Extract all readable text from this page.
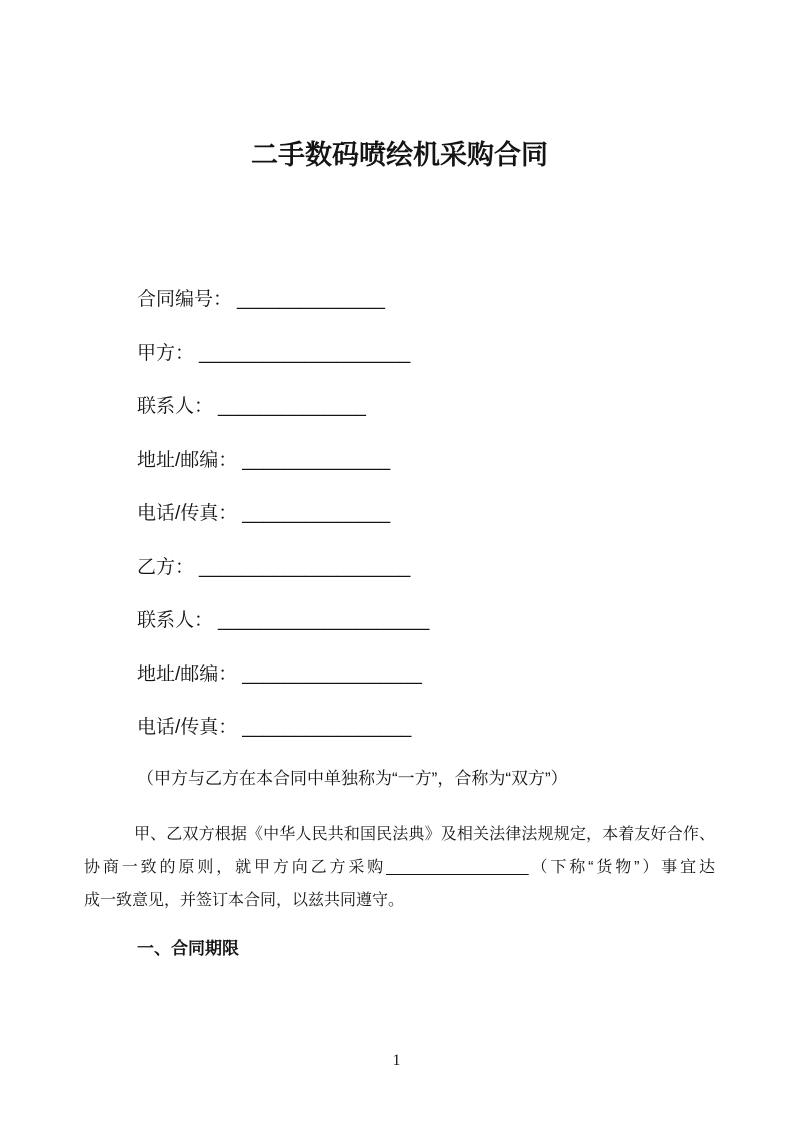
二手数码喷绘机采购合同
合同编号： ______________
甲方： ____________________
联系人： ______________
地址/邮编： ______________
电话/传真： ______________
乙方： ____________________
联系人： ____________________
地址/邮编： _________________
电话/传真： ________________

（甲方与乙方在本合同中单独称为“一方”，合称为“双方”）

甲、乙双方根据《中华人民共和国民法典》及相关法律法规规定，本着友好合作、
协商一致的原则，就甲方向乙方采购________________（下称“货物”）事宜达
成一致意见，并签订本合同，以兹共同遵守。
一、合同期限
1
